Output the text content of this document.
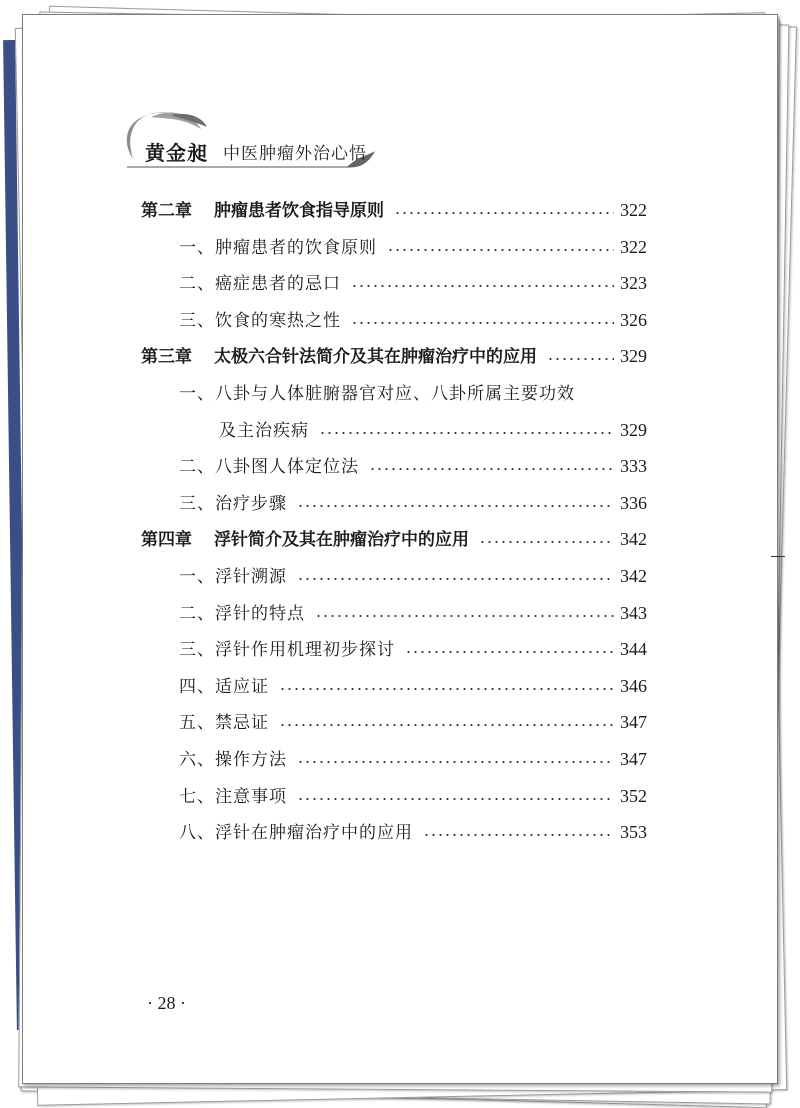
黄金昶 中医肿瘤外治心悟
第二章 肿瘤患者饮食指导原则	322
一、肿瘤患者的饮食原则	322
二、癌症患者的忌口	323
三、饮食的寒热之性	326
第三章 太极六合针法简介及其在肿瘤治疗中的应用	329
一、八卦与人体脏腑器官对应、八卦所属主要功效
及主治疾病	329
二、八卦图人体定位法	333
三、治疗步骤	336
第四章 浮针简介及其在肿瘤治疗中的应用	342
一、浮针溯源	342
二、浮针的特点	343
三、浮针作用机理初步探讨	344
四、适应证	346
五、禁忌证	347
六、操作方法	347
七、注意事项	352
八、浮针在肿瘤治疗中的应用	353
· 28 ·
